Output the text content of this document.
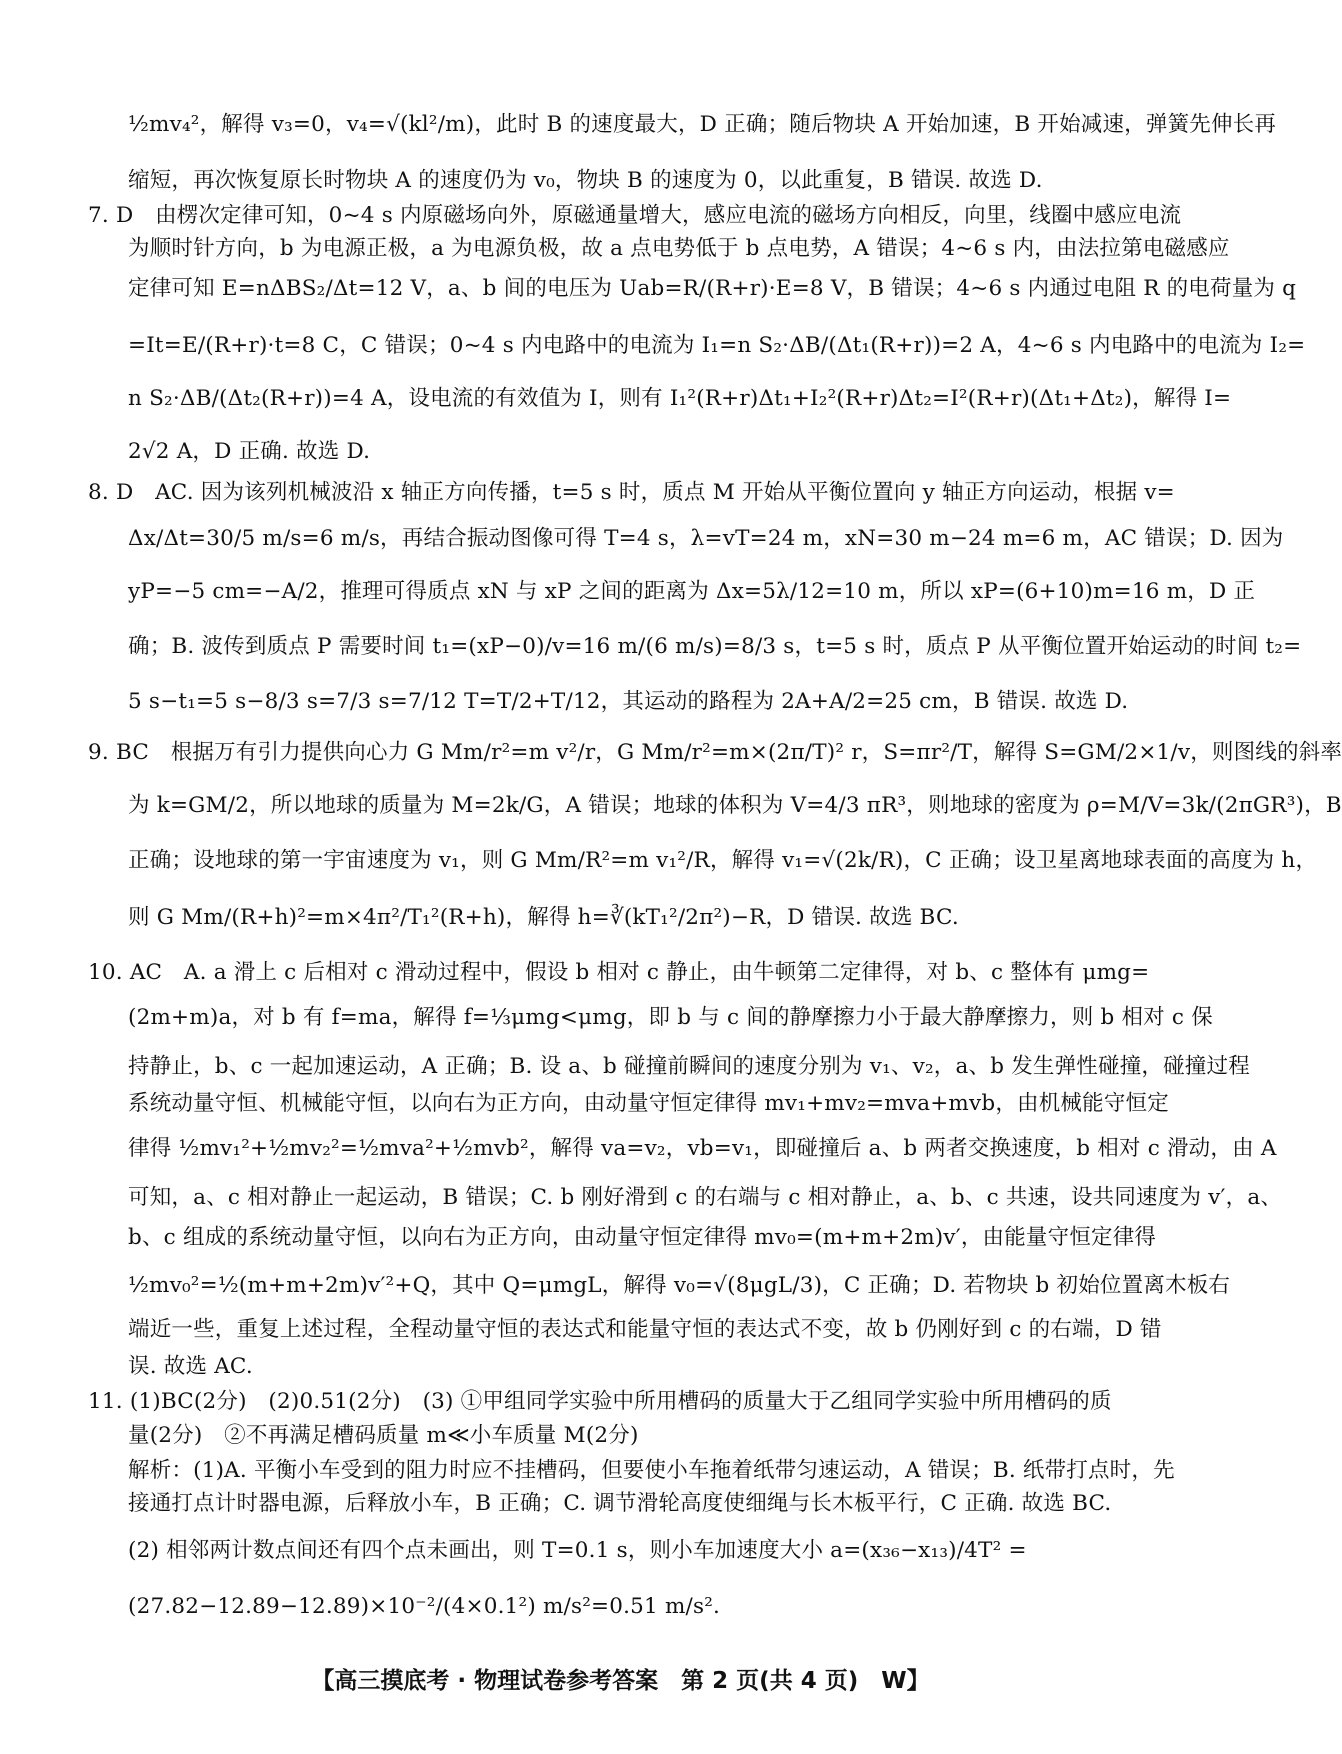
½mv₄²，解得 v₃=0，v₄=√(kl²/m)，此时 B 的速度最大，D 正确；随后物块 A 开始加速，B 开始减速，弹簧先伸长再
缩短，再次恢复原长时物块 A 的速度仍为 v₀，物块 B 的速度为 0，以此重复，B 错误. 故选 D.
7. D　由楞次定律可知，0~4 s 内原磁场向外，原磁通量增大，感应电流的磁场方向相反，向里，线圈中感应电流
为顺时针方向，b 为电源正极，a 为电源负极，故 a 点电势低于 b 点电势，A 错误；4~6 s 内，由法拉第电磁感应
定律可知 E=nΔBS₂/Δt=12 V，a、b 间的电压为 Uab=R/(R+r)·E=8 V，B 错误；4~6 s 内通过电阻 R 的电荷量为 q
=It=E/(R+r)·t=8 C，C 错误；0~4 s 内电路中的电流为 I₁=n S₂·ΔB/(Δt₁(R+r))=2 A，4~6 s 内电路中的电流为 I₂=
n S₂·ΔB/(Δt₂(R+r))=4 A，设电流的有效值为 I，则有 I₁²(R+r)Δt₁+I₂²(R+r)Δt₂=I²(R+r)(Δt₁+Δt₂)，解得 I=
2√2 A，D 正确. 故选 D.
8. D　AC. 因为该列机械波沿 x 轴正方向传播，t=5 s 时，质点 M 开始从平衡位置向 y 轴正方向运动，根据 v=
Δx/Δt=30/5 m/s=6 m/s，再结合振动图像可得 T=4 s，λ=vT=24 m，xN=30 m−24 m=6 m，AC 错误；D. 因为
yP=−5 cm=−A/2，推理可得质点 xN 与 xP 之间的距离为 Δx=5λ/12=10 m，所以 xP=(6+10)m=16 m，D 正
确；B. 波传到质点 P 需要时间 t₁=(xP−0)/v=16 m/(6 m/s)=8/3 s，t=5 s 时，质点 P 从平衡位置开始运动的时间 t₂=
5 s−t₁=5 s−8/3 s=7/3 s=7/12 T=T/2+T/12，其运动的路程为 2A+A/2=25 cm，B 错误. 故选 D.
9. BC　根据万有引力提供向心力 G Mm/r²=m v²/r，G Mm/r²=m×(2π/T)² r，S=πr²/T，解得 S=GM/2×1/v，则图线的斜率
为 k=GM/2，所以地球的质量为 M=2k/G，A 错误；地球的体积为 V=4/3 πR³，则地球的密度为 ρ=M/V=3k/(2πGR³)，B
正确；设地球的第一宇宙速度为 v₁，则 G Mm/R²=m v₁²/R，解得 v₁=√(2k/R)，C 正确；设卫星离地球表面的高度为 h，
则 G Mm/(R+h)²=m×4π²/T₁²(R+h)，解得 h=∛(kT₁²/2π²)−R，D 错误. 故选 BC.
10. AC　A. a 滑上 c 后相对 c 滑动过程中，假设 b 相对 c 静止，由牛顿第二定律得，对 b、c 整体有 μmg=
(2m+m)a，对 b 有 f=ma，解得 f=⅓μmg<μmg，即 b 与 c 间的静摩擦力小于最大静摩擦力，则 b 相对 c 保
持静止，b、c 一起加速运动，A 正确；B. 设 a、b 碰撞前瞬间的速度分别为 v₁、v₂，a、b 发生弹性碰撞，碰撞过程
系统动量守恒、机械能守恒，以向右为正方向，由动量守恒定律得 mv₁+mv₂=mva+mvb，由机械能守恒定
律得 ½mv₁²+½mv₂²=½mva²+½mvb²，解得 va=v₂，vb=v₁，即碰撞后 a、b 两者交换速度，b 相对 c 滑动，由 A
可知，a、c 相对静止一起运动，B 错误；C. b 刚好滑到 c 的右端与 c 相对静止，a、b、c 共速，设共同速度为 v′，a、
b、c 组成的系统动量守恒，以向右为正方向，由动量守恒定律得 mv₀=(m+m+2m)v′，由能量守恒定律得
½mv₀²=½(m+m+2m)v′²+Q，其中 Q=μmgL，解得 v₀=√(8μgL/3)，C 正确；D. 若物块 b 初始位置离木板右
端近一些，重复上述过程，全程动量守恒的表达式和能量守恒的表达式不变，故 b 仍刚好到 c 的右端，D 错
误. 故选 AC.
11. (1)BC(2分)　(2)0.51(2分)　(3) ①甲组同学实验中所用槽码的质量大于乙组同学实验中所用槽码的质
量(2分)　②不再满足槽码质量 m≪小车质量 M(2分)
解析：(1)A. 平衡小车受到的阻力时应不挂槽码，但要使小车拖着纸带匀速运动，A 错误；B. 纸带打点时，先
接通打点计时器电源，后释放小车，B 正确；C. 调节滑轮高度使细绳与长木板平行，C 正确. 故选 BC.
(2) 相邻两计数点间还有四个点未画出，则 T=0.1 s，则小车加速度大小 a=(x₃₆−x₁₃)/4T² =
(27.82−12.89−12.89)×10⁻²/(4×0.1²) m/s²=0.51 m/s².
【高三摸底考 · 物理试卷参考答案　第 2 页(共 4 页)　W】
